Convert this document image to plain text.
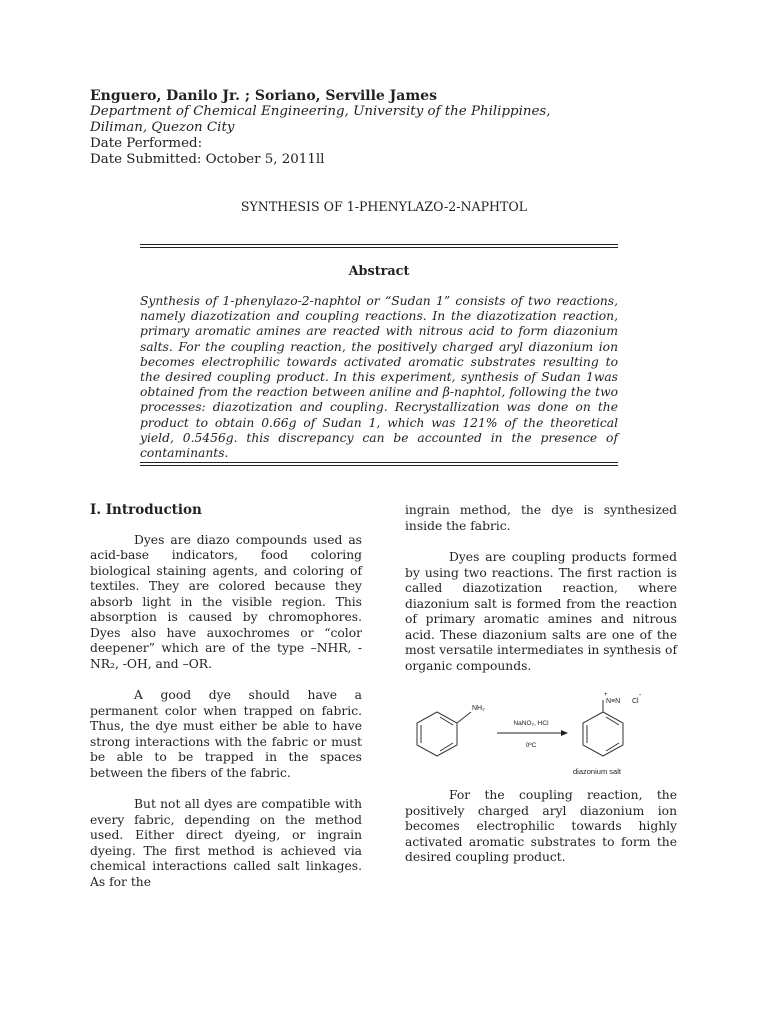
Enguero, Danilo Jr. ; Soriano, Serville James
Department of Chemical Engineering, University of the Philippines,
Diliman, Quezon City
Date Performed:
Date Submitted: October 5, 2011ll
SYNTHESIS OF 1-PHENYLAZO-2-NAPHTOL
Abstract
Synthesis of 1-phenylazo-2-naphtol or “Sudan 1” consists of two reactions, namely diazotization and coupling reactions. In the diazotization reaction, primary aromatic amines are reacted with nitrous acid to form diazonium salts. For the coupling reaction, the positively charged aryl diazonium ion becomes electrophilic towards activated aromatic substrates resulting to the desired coupling product. In this experiment, synthesis of Sudan 1was obtained from the reaction between aniline and β-naphtol, following the two processes: diazotization and coupling. Recrystallization was done on the product to obtain 0.66g of Sudan 1, which was 121% of the theoretical yield, 0.5456g. this discrepancy can be accounted in the presence of contaminants.
I. Introduction

Dyes are diazo compounds used as acid-base indicators, food coloring biological staining agents, and coloring of textiles. They are colored because they absorb light in the visible region. This absorption is caused by chromophores. Dyes also have auxochromes or “color deepener” which are of the type –NHR, -NR₂, -OH, and –OR.

A good dye should have a permanent color when trapped on fabric. Thus, the dye must either be able to have strong interactions with the fabric or must be able to be trapped in the spaces between the fibers of the fabric.

But not all dyes are compatible with every fabric, depending on the method used. Either direct dyeing, or ingrain dyeing. The first method is achieved via chemical interactions called salt linkages. As for the

ingrain method, the dye is synthesized inside the fabric.

Dyes are coupling products formed by using two reactions. The first raction is called diazotization reaction, where diazonium salt is formed from the reaction of primary aromatic amines and nitrous acid. These diazonium salts are one of the most versatile intermediates in synthesis of organic compounds.

NH₂
NaNO₂, HCl
0ºC
+
N≡N Cl
-
diazonium salt

For the coupling reaction, the positively charged aryl diazonium ion becomes electrophilic towards highly activated aromatic substrates to form the desired coupling product.
